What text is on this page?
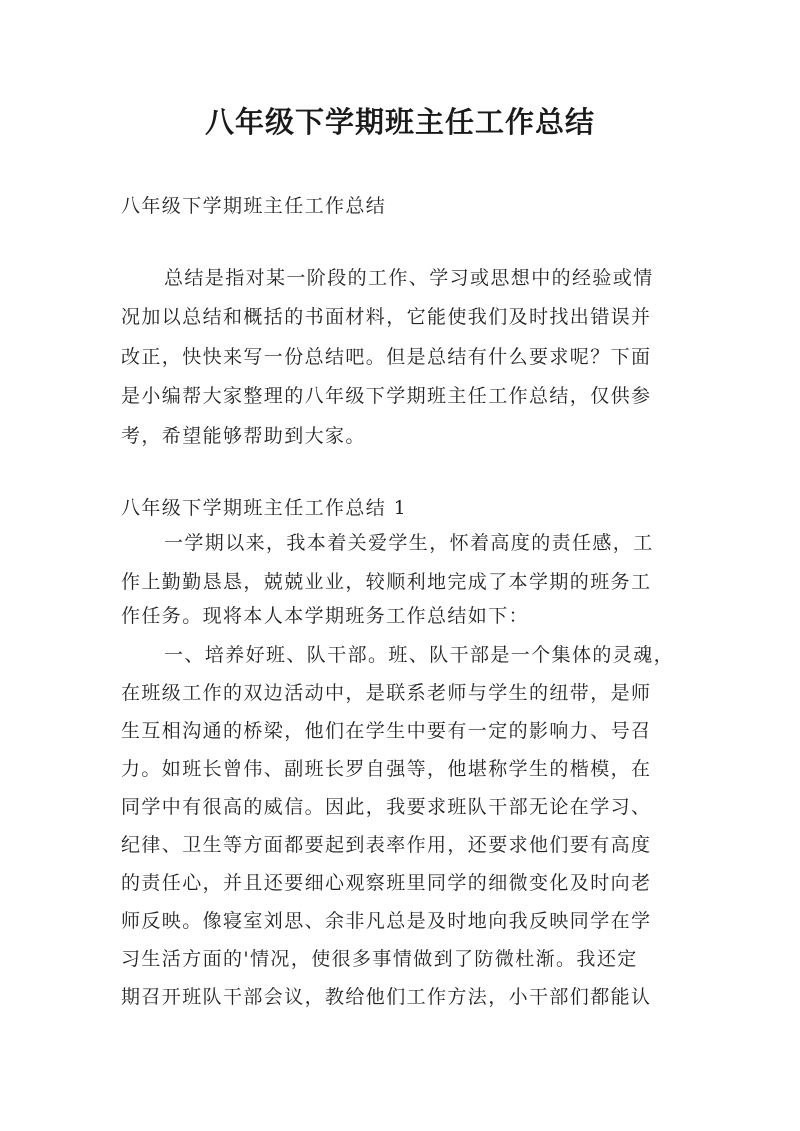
八年级下学期班主任工作总结
八年级下学期班主任工作总结
总结是指对某一阶段的工作、学习或思想中的经验或情
况加以总结和概括的书面材料，它能使我们及时找出错误并
改正，快快来写一份总结吧。但是总结有什么要求呢？下面
是小编帮大家整理的八年级下学期班主任工作总结，仅供参
考，希望能够帮助到大家。
八年级下学期班主任工作总结 1
一学期以来，我本着关爱学生，怀着高度的责任感，工
作上勤勤恳恳，兢兢业业，较顺利地完成了本学期的班务工
作任务。现将本人本学期班务工作总结如下：
一、培养好班、队干部。班、队干部是一个集体的灵魂，
在班级工作的双边活动中，是联系老师与学生的纽带，是师
生互相沟通的桥梁，他们在学生中要有一定的影响力、号召
力。如班长曾伟、副班长罗自强等，他堪称学生的楷模，在
同学中有很高的威信。因此，我要求班队干部无论在学习、
纪律、卫生等方面都要起到表率作用，还要求他们要有高度
的责任心，并且还要细心观察班里同学的细微变化及时向老
师反映。像寝室刘思、余非凡总是及时地向我反映同学在学
习生活方面的'情况，使很多事情做到了防微杜渐。我还定
期召开班队干部会议，教给他们工作方法，小干部们都能认
